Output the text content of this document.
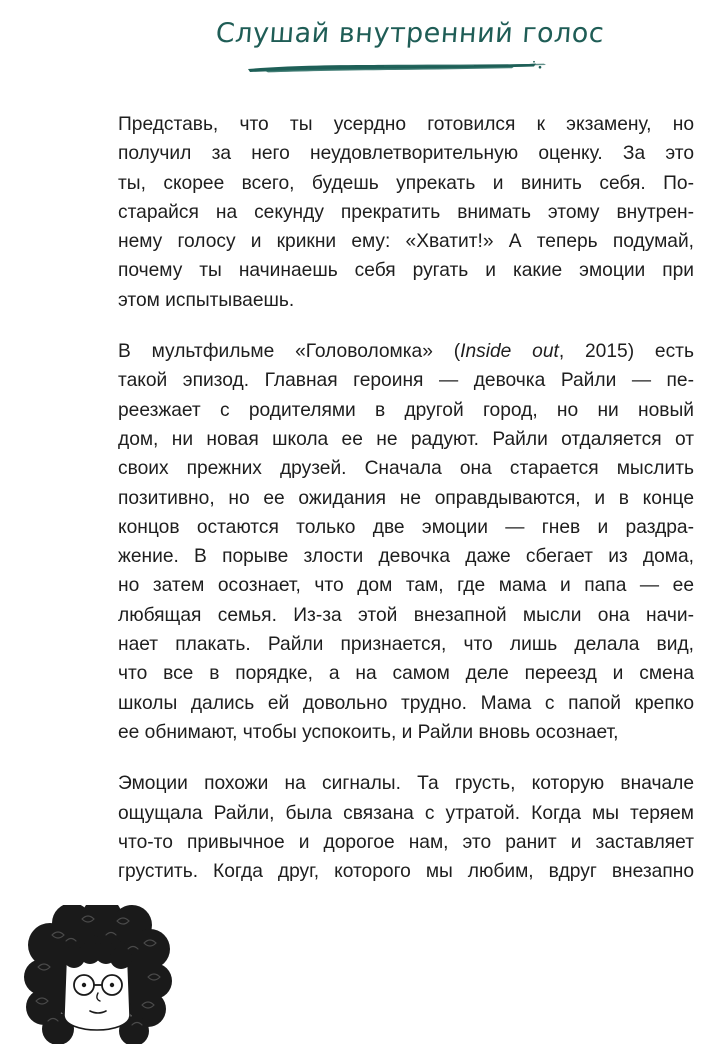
Слушай внутренний голос

Представь, что ты усердно готовился к экзамену, но
получил за него неудовлетворительную оценку. За это
ты, скорее всего, будешь упрекать и винить себя. По-
старайся на секунду прекратить внимать этому внутрен-
нему голосу и крикни ему: «Хватит!» А теперь подумай,
почему ты начинаешь себя ругать и какие эмоции при
этом испытываешь.

В мультфильме «Головоломка» (Inside out, 2015) есть
такой эпизод. Главная героиня — девочка Райли — пе-
реезжает с родителями в другой город, но ни новый
дом, ни новая школа ее не радуют. Райли отдаляется от
своих прежних друзей. Сначала она старается мыслить
позитивно, но ее ожидания не оправдываются, и в конце
концов остаются только две эмоции — гнев и раздра-
жение. В порыве злости девочка даже сбегает из дома,
но затем осознает, что дом там, где мама и папа — ее
любящая семья. Из-за этой внезапной мысли она начи-
нает плакать. Райли признается, что лишь делала вид,
что все в порядке, а на самом деле переезд и смена
школы дались ей довольно трудно. Мама с папой крепко
ее обнимают, чтобы успокоить, и Райли вновь осознает,

Эмоции похожи на сигналы. Та грусть, которую вначале
ощущала Райли, была связана с утратой. Когда мы теряем
что-то привычное и дорогое нам, это ранит и заставляет
грустить. Когда друг, которого мы любим, вдруг внезапно
